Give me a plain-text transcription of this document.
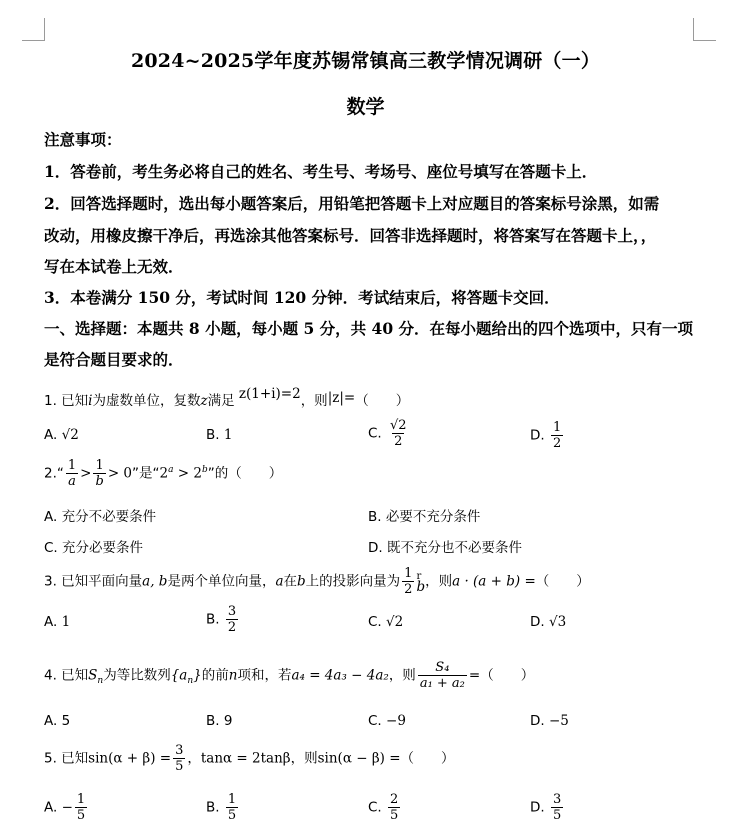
2024~2025学年度苏锡常镇高三教学情况调研（一）
数学
注意事项：
1．答卷前，考生务必将自己的姓名、考生号、考场号、座位号填写在答题卡上．
2．回答选择题时，选出每小题答案后，用铅笔把答题卡上对应题目的答案标号涂黑，如需
改动，用橡皮擦干净后，再选涂其他答案标号．回答非选择题时，将答案写在答题卡上，，
写在本试卷上无效．
3．本卷满分 150 分，考试时间 120 分钟．考试结束后，将答题卡交回．
一、选择题：本题共 8 小题，每小题 5 分，共 40 分．在每小题给出的四个选项中，只有一项
是符合题目要求的．
1. 已知i为虚数单位，复数z满足 z(1+i)=2，则|z|=（　　）
A. √2	B. 1	C. $\frac{√2}{2}$	D. $\frac{1}{2}$
2.“ $\frac{1}{a} > \frac{1}{b} > 0$”是“$2^a > 2^b$”的（　　）
A. 充分不必要条件	B. 必要不充分条件
C. 充分必要条件	D. 既不充分也不必要条件
3. 已知平面向量a, b是两个单位向量，a在b上的投影向量为 $\frac{1}{2}$ r
b ，则a · (a + b) =（　　）
A. 1	B. $\frac{3}{2}$	C. √2	D. √3
4. 已知$S_n$为等比数列$\{a_n\}$的前n项和，若a₄ = 4a₃ − 4a₂，则 $\frac{\text{S₄}}{\text{a₁ + a₂}}$ =（　　）
A. 5	B. 9	C. −9	D. −5
5. 已知$\sin(\alpha + \beta) = \frac{3}{5}$ ，tanα = 2tanβ，则sin(α − β) =（　　）
A. − $\frac{1}{5}$	B. $\frac{1}{5}$	C. $\frac{2}{5}$	D. $\frac{3}{5}$
